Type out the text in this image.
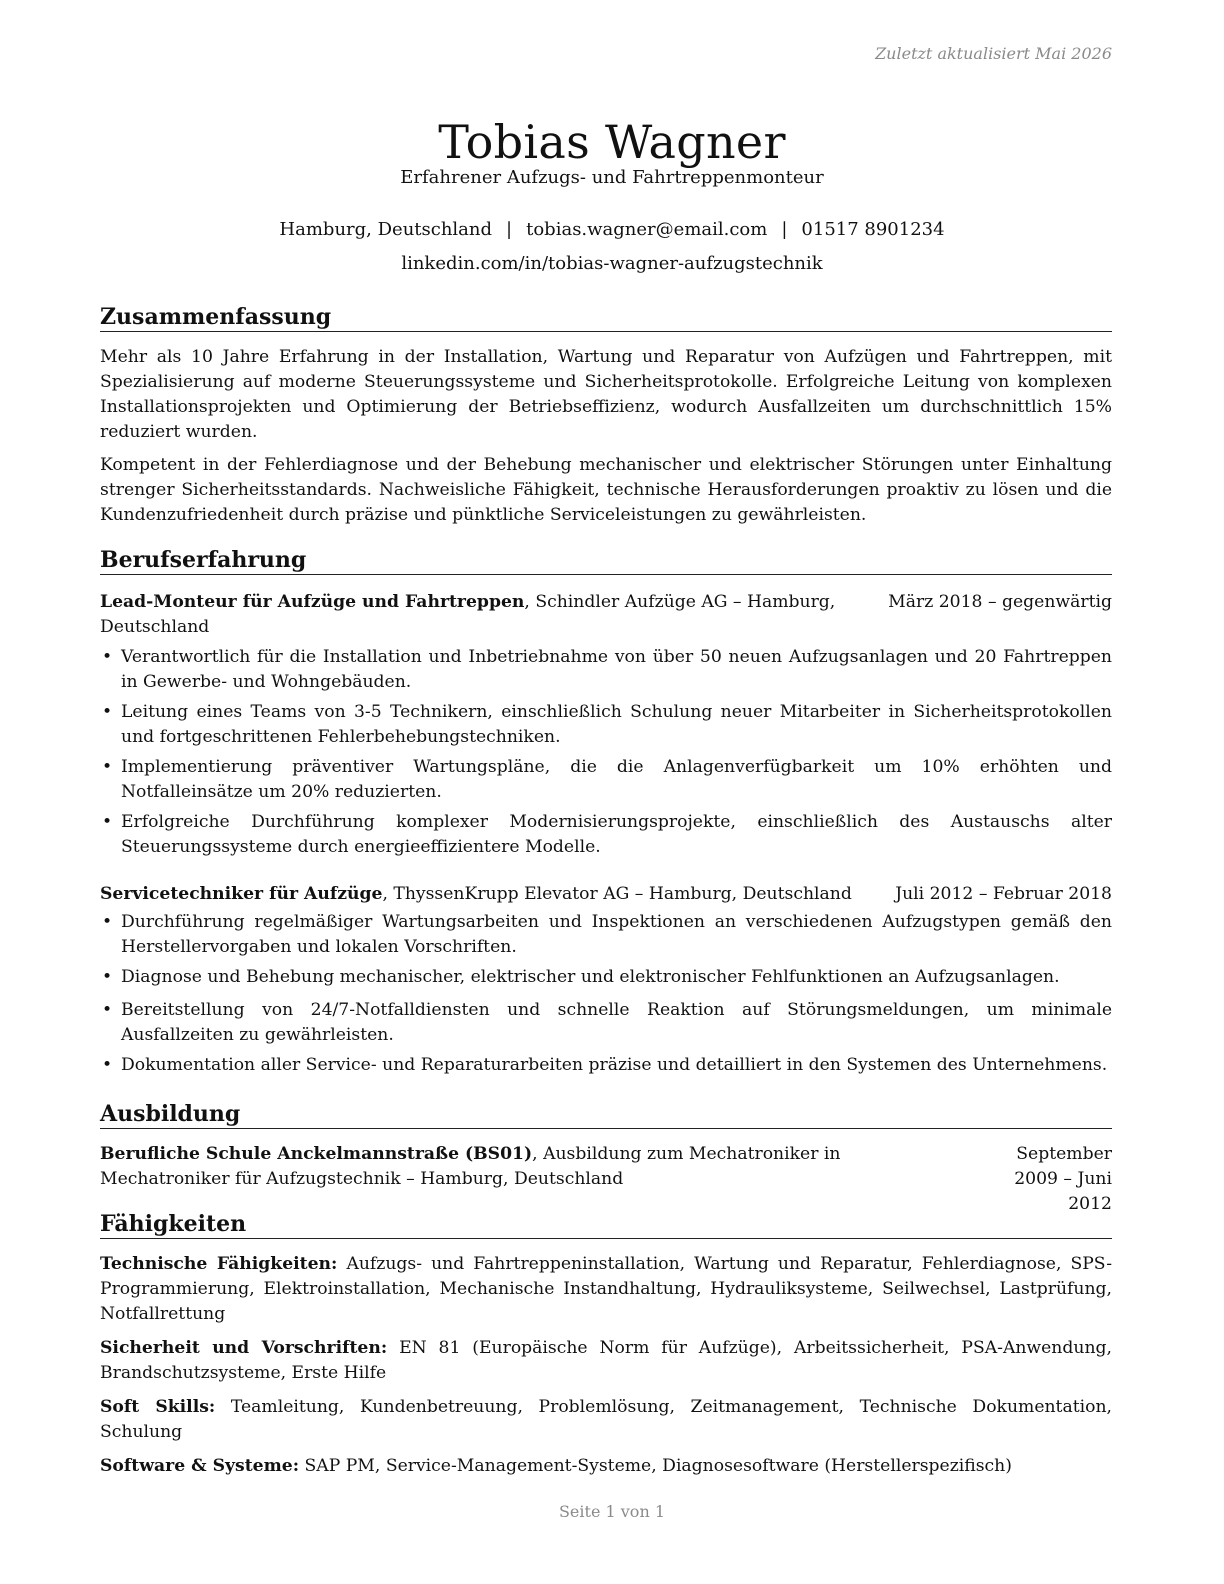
Zuletzt aktualisiert Mai 2026
Tobias Wagner
Erfahrener Aufzugs- und Fahrtreppenmonteur
Hamburg, Deutschland | tobias.wagner@email.com | 01517 8901234
linkedin.com/in/tobias-wagner-aufzugstechnik
Zusammenfassung

Mehr als 10 Jahre Erfahrung in der Installation, Wartung und Reparatur von Aufzügen und Fahrtreppen, mit Spezialisierung auf moderne Steuerungssysteme und Sicherheitsprotokolle. Erfolgreiche Leitung von komplexen Installationsprojekten und Optimierung der Betriebseffizienz, wodurch Ausfallzeiten um durchschnittlich 15% reduziert wurden.

Kompetent in der Fehlerdiagnose und der Behebung mechanischer und elektrischer Störungen unter Einhaltung strenger Sicherheitsstandards. Nachweisliche Fähigkeit, technische Herausforderungen proaktiv zu lösen und die Kundenzufriedenheit durch präzise und pünktliche Serviceleistungen zu gewährleisten.

Berufserfahrung
Lead-Monteur für Aufzüge und Fahrtreppen, Schindler Aufzüge AG – Hamburg, Deutschland
März 2018 – gegenwärtig
• Verantwortlich für die Installation und Inbetriebnahme von über 50 neuen Aufzugsanlagen und 20 Fahrtreppen in Gewerbe- und Wohngebäuden.
• Leitung eines Teams von 3-5 Technikern, einschließlich Schulung neuer Mitarbeiter in Sicherheitsprotokollen und fortgeschrittenen Fehlerbehebungstechniken.
• Implementierung präventiver Wartungspläne, die die Anlagenverfügbarkeit um 10% erhöhten und Notfalleinsätze um 20% reduzierten.
• Erfolgreiche Durchführung komplexer Modernisierungsprojekte, einschließlich des Austauschs alter Steuerungssysteme durch energieeffizientere Modelle.
Servicetechniker für Aufzüge, ThyssenKrupp Elevator AG – Hamburg, Deutschland	Juli 2012 – Februar 2018
• Durchführung regelmäßiger Wartungsarbeiten und Inspektionen an verschiedenen Aufzugstypen gemäß den Herstellervorgaben und lokalen Vorschriften.
• Diagnose und Behebung mechanischer, elektrischer und elektronischer Fehlfunktionen an Aufzugsanlagen.
• Bereitstellung von 24/7-Notfalldiensten und schnelle Reaktion auf Störungsmeldungen, um minimale Ausfallzeiten zu gewährleisten.
• Dokumentation aller Service- und Reparaturarbeiten präzise und detailliert in den Systemen des Unternehmens.
Ausbildung
Berufliche Schule Anckelmannstraße (BS01), Ausbildung zum Mechatroniker in Mechatroniker für Aufzugstechnik – Hamburg, Deutschland
September 2009 – Juni 2012
Fähigkeiten

Technische Fähigkeiten: Aufzugs- und Fahrtreppeninstallation, Wartung und Reparatur, Fehlerdiagnose, SPS-Programmierung, Elektroinstallation, Mechanische Instandhaltung, Hydrauliksysteme, Seilwechsel, Lastprüfung, Notfallrettung

Sicherheit und Vorschriften: EN 81 (Europäische Norm für Aufzüge), Arbeitssicherheit, PSA-Anwendung, Brandschutzsysteme, Erste Hilfe

Soft Skills: Teamleitung, Kundenbetreuung, Problemlösung, Zeitmanagement, Technische Dokumentation, Schulung

Software & Systeme: SAP PM, Service-Management-Systeme, Diagnosesoftware (Herstellerspezifisch)

Seite 1 von 1
